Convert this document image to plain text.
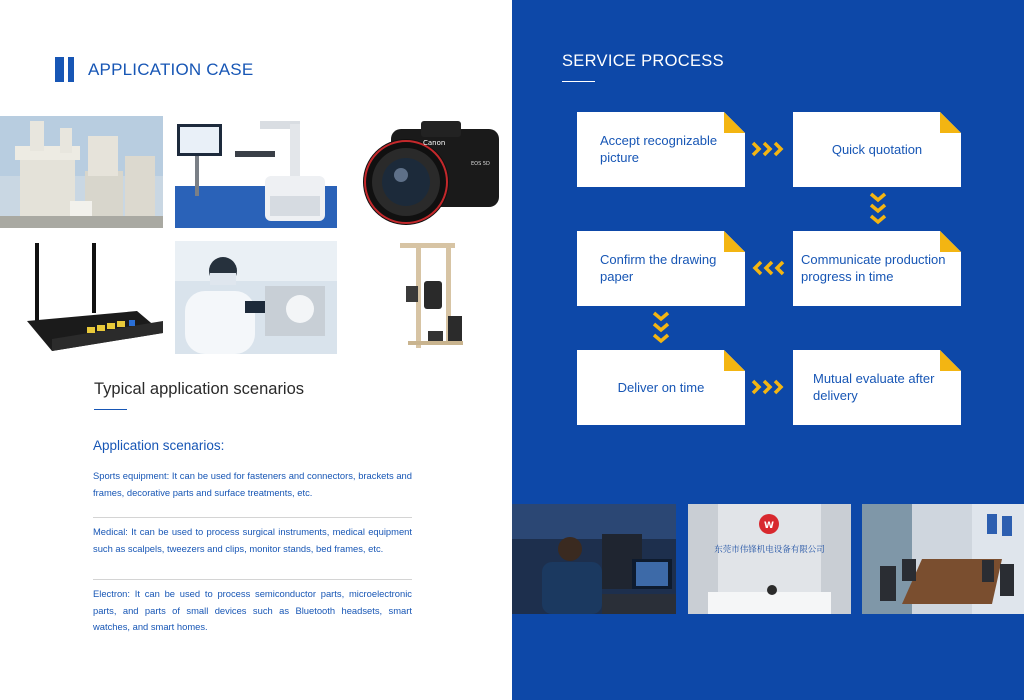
APPLICATION CASE
Canon
EOS 5D
Typical application scenarios
Application scenarios:
Sports equipment: It can be used for fasteners and connectors, brackets and frames, decorative parts and surface treatments, etc.
Medical: It can be used to process surgical instruments, medical equipment such as scalpels, tweezers and clips, monitor stands, bed frames, etc.
Electron: It can be used to process semiconductor parts, microelectronic parts, and parts of small devices such as Bluetooth headsets, smart watches, and smart homes.
SERVICE PROCESS
Accept recognizable picture
Quick quotation
Confirm the drawing paper
Communicate production progress in time
Deliver on time
Mutual evaluate after delivery
W
东莞市伟锋机电设备有限公司
